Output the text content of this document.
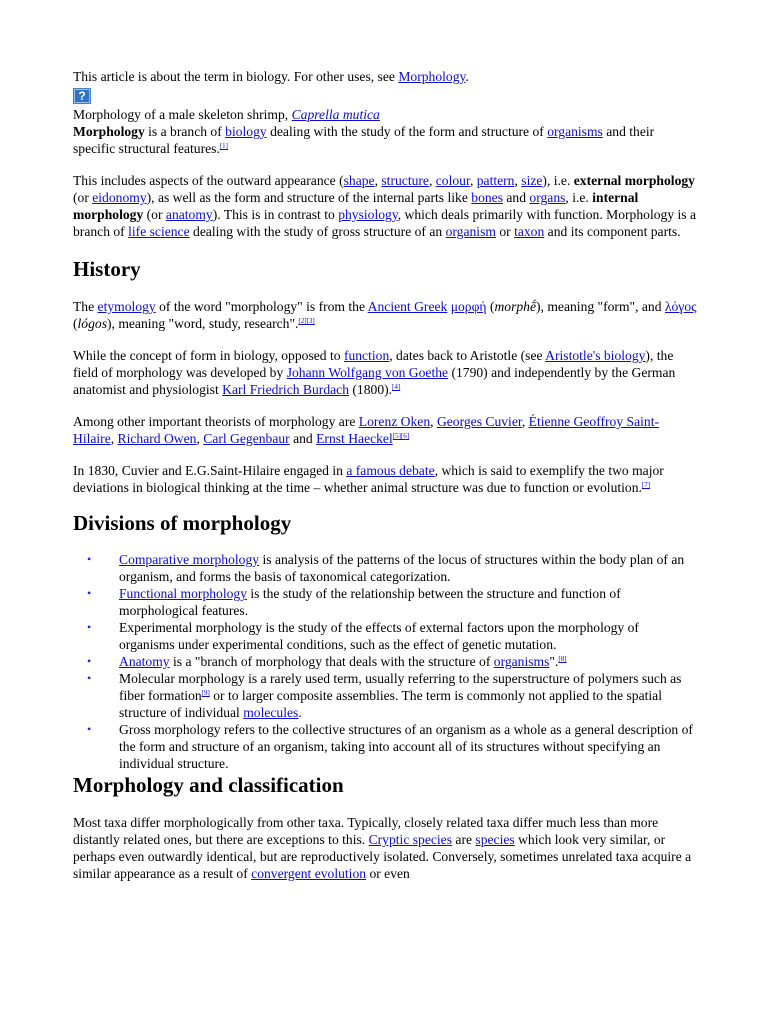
This article is about the term in biology. For other uses, see Morphology.

?

Morphology of a male skeleton shrimp, Caprella mutica

Morphology is a branch of biology dealing with the study of the form and structure of organisms and their specific structural features.[1]

This includes aspects of the outward appearance (shape, structure, colour, pattern, size), i.e. external morphology (or eidonomy), as well as the form and structure of the internal parts like bones and organs, i.e. internal morphology (or anatomy). This is in contrast to physiology, which deals primarily with function. Morphology is a branch of life science dealing with the study of gross structure of an organism or taxon and its component parts.

History

The etymology of the word "morphology" is from the Ancient Greek μορφή (morphḗ), meaning "form", and λόγος (lógos), meaning "word, study, research".[2][3]

While the concept of form in biology, opposed to function, dates back to Aristotle (see Aristotle's biology), the field of morphology was developed by Johann Wolfgang von Goethe (1790) and independently by the German anatomist and physiologist Karl Friedrich Burdach (1800).[4]

Among other important theorists of morphology are Lorenz Oken, Georges Cuvier, Étienne Geoffroy Saint-Hilaire, Richard Owen, Carl Gegenbaur and Ernst Haeckel[5][6]

In 1830, Cuvier and E.G.Saint-Hilaire engaged in a famous debate, which is said to exemplify the two major deviations in biological thinking at the time – whether animal structure was due to function or evolution.[7]

Divisions of morphology
• Comparative morphology is analysis of the patterns of the locus of structures within the body plan of an organism, and forms the basis of taxonomical categorization.
• Functional morphology is the study of the relationship between the structure and function of morphological features.
• Experimental morphology is the study of the effects of external factors upon the morphology of organisms under experimental conditions, such as the effect of genetic mutation.
• Anatomy is a "branch of morphology that deals with the structure of organisms".[8]
• Molecular morphology is a rarely used term, usually referring to the superstructure of polymers such as fiber formation[9] or to larger composite assemblies. The term is commonly not applied to the spatial structure of individual molecules.
• Gross morphology refers to the collective structures of an organism as a whole as a general description of the form and structure of an organism, taking into account all of its structures without specifying an individual structure.
Morphology and classification

Most taxa differ morphologically from other taxa. Typically, closely related taxa differ much less than more distantly related ones, but there are exceptions to this. Cryptic species are species which look very similar, or perhaps even outwardly identical, but are reproductively isolated. Conversely, sometimes unrelated taxa acquire a similar appearance as a result of convergent evolution or even
